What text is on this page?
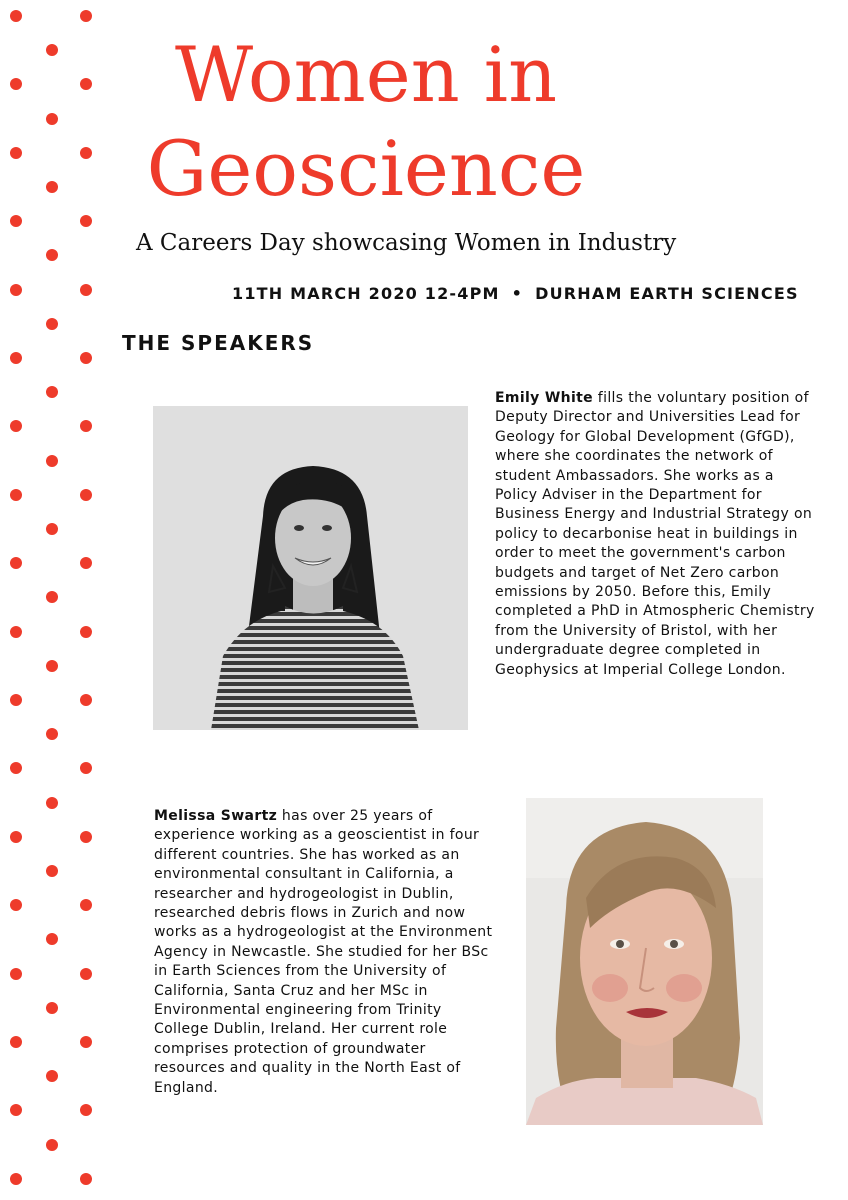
Women in
Geoscience
A Careers Day showcasing Women in Industry
11TH MARCH 2020 12-4PM • DURHAM EARTH SCIENCES
THE SPEAKERS

Emily White fills the voluntary position of Deputy Director and Universities Lead for Geology for Global Development (GfGD), where she coordinates the network of student Ambassadors. She works as a Policy Adviser in the Department for Business Energy and Industrial Strategy on policy to decarbonise heat in buildings in order to meet the government's carbon budgets and target of Net Zero carbon emissions by 2050. Before this, Emily completed a PhD in Atmospheric Chemistry from the University of Bristol, with her undergraduate degree completed in Geophysics at Imperial College London.

Melissa Swartz has over 25 years of experience working as a geoscientist in four different countries. She has worked as an environmental consultant in California, a researcher and hydrogeologist in Dublin, researched debris flows in Zurich and now works as a hydrogeologist at the Environment Agency in Newcastle. She studied for her BSc in Earth Sciences from the University of California, Santa Cruz and her MSc in Environmental engineering from Trinity College Dublin, Ireland. Her current role comprises protection of groundwater resources and quality in the North East of England.
